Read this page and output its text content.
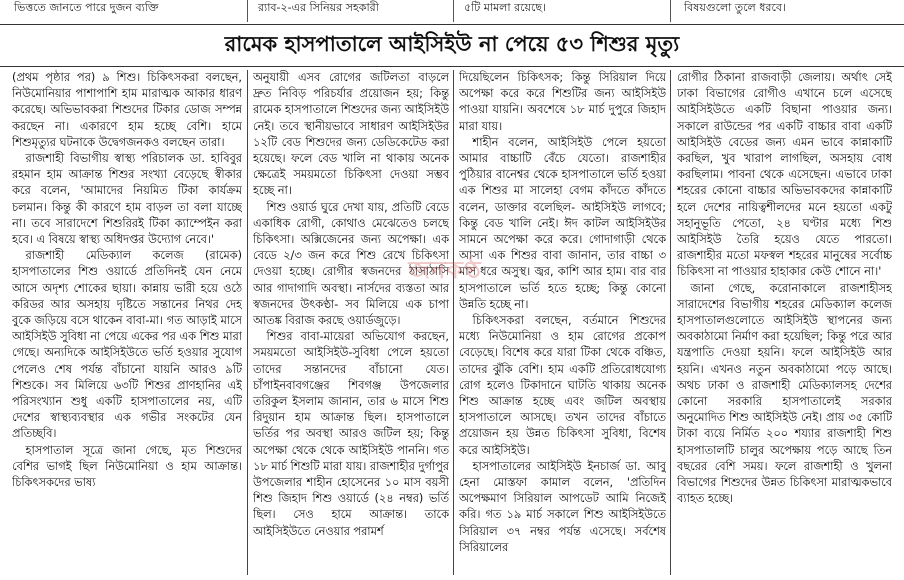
ভিত্ততে জানতে পারে দুজন ব্যক্তি	র‍্যাব-২-এর সিনিয়র সহকারী	৫টি মামলা রয়েছে।	বিষয়গুলো তুলে ধরবে।
রামেক হাসপাতালে আইসিইউ না পেয়ে ৫৩ শিশুর মৃত্যু

(প্রথম পৃষ্ঠার পর) ৯ শিশু। চিকিৎসকরা বলছেন, নিউমোনিয়ার পাশাপাশি হাম মারাত্মক আকার ধারণ করেছে। অভিভাবকরা শিশুদের টিকার ডোজ সম্পন্ন করছেন না। একারণে হাম হচ্ছে বেশি। হামে শিশুমৃত্যুর ঘটনাকে উদ্বেগজনকও বলছেন তারা।

রাজশাহী বিভাগীয় স্বাস্থ্য পরিচালক ডা. হাবিবুর রহমান হাম আক্রান্ত শিশুর সংখ্যা বেড়েছে স্বীকার করে বলেন, 'আমাদের নিয়মিত টিকা কার্যক্রম চলমান। কিন্তু কী কারণে হাম বাড়ল তা বলা যাচ্ছে না। তবে সারাদেশে শিশুরিরই টিকা ক্যাম্পেইন করা হবে। এ বিষয়ে স্বাস্থ্য অধিদপ্তর উদ্যোগ নেবে।'

রাজশাহী মেডিক্যাল কলেজ (রামেক) হাসপাতালের শিশু ওয়ার্ডে প্রতিদিনই যেন নেমে আসে অদৃশ্য শোকের ছায়া। কান্নায় ভারী হয়ে ওঠে করিডর আর অসহায় দৃষ্টিতে সন্তানের নিথর দেহ বুকে জড়িয়ে বসে থাকেন বাবা-মা। গত আড়াই মাসে আইসিইউ সুবিধা না পেয়ে একের পর এক শিশু মারা গেছে। অন্যদিকে আইসিইউতে ভর্তি হওয়ার সুযোগ পেলেও শেষ পর্যন্ত বাঁচানো যায়নি আরও ৯টি শিশুকে। সব মিলিয়ে ৬৩টি শিশুর প্রাণহানির এই পরিসংখ্যান শুধু একটি হাসপাতালের নয়, এটি দেশের স্বাস্থ্যব্যবস্থার এক গভীর সংকটের যেন প্রতিচ্ছবি।

হাসপাতাল সূত্রে জানা গেছে, মৃত শিশুদের বেশির ভাগই ছিল নিউমোনিয়া ও হাম আক্রান্ত। চিকিৎসকদের ভাষ্য

অনুযায়ী এসব রোগের জটিলতা বাড়লে দ্রুত নিবিড় পরিচর্যার প্রয়োজন হয়; কিন্তু রামেক হাসপাতালে শিশুদের জন্য আইসিইউ নেই। তবে স্থানীয়ভাবে সাধারণ আইসিইউর ১২টি বেড শিশুদের জন্য ডেডিকেটেড করা হয়েছে। ফলে বেড খালি না থাকায় অনেক ক্ষেত্রেই সময়মতো চিকিৎসা দেওয়া সম্ভব হচ্ছে না।

শিশু ওয়ার্ড ঘুরে দেখা যায়, প্রতিটি বেডে একাধিক রোগী, কোথাও মেঝেতেও চলছে চিকিৎসা। অক্সিজেনের জন্য অপেক্ষা। এক বেডে ২/৩ জন করে শিশু রেখে চিকিৎসা দেওয়া হচ্ছে। রোগীর স্বজনদের ঠাসাঠাসি আর গাদাগাদি অবস্থা। নার্সদের ব্যস্ততা আর স্বজনদের উৎকণ্ঠা- সব মিলিয়ে এক চাপা আতঙ্ক বিরাজ করছে ওয়ার্ডজুড়ে।

শিশুর বাবা-মায়েরা অভিযোগ করছেন, সময়মতো আইসিইউ-সুবিধা পেলে হয়তো তাদের সন্তানদের বাঁচানো যেত। চাঁপাইনবাবগঞ্জের শিবগঞ্জ উপজেলার তরিকুল ইসলাম জানান, তার ৬ মাসে শিশু রিদুয়ান হাম আক্রান্ত ছিল। হাসপাতালে ভর্তির পর অবস্থা আরও জটিল হয়; কিন্তু অপেক্ষা থেকে থেকে আইসিইউ পাননি। গত ১৮ মার্চ শিশুটি মারা যায়। রাজশাহীর দুর্গাপুর উপজেলার শাহীন হোসেনের ১০ মাস বয়সী শিশু জিহাদ শিশু ওয়ার্ডে (২৪ নম্বর) ভর্তি ছিল। সেও হামে আক্রান্ত। তাকে আইসিইউতে নেওয়ার পরামর্শ

দিয়েছিলেন চিকিৎসক; কিন্তু সিরিয়াল দিয়ে অপেক্ষা করে করে শিশুটির জন্য আইসিইউ পাওয়া যায়নি। অবশেষে ১৮ মার্চ দুপুরে জিহাদ মারা যায়।

শাহীন বলেন, আইসিইউ পেলে হয়তো আমার বাচ্চাটি বেঁচে যেতো। রাজশাহীর পুঠিয়ার বানেশ্বর থেকে হাসপাতালে ভর্তি হওয়া এক শিশুর মা সালেহা বেগম কাঁদতে কাঁদতে বলেন, ডাক্তার বলেছিল- আইসিইউ লাগবে; কিন্তু বেড খালি নেই। ঈদ কাটল আইসিইউর সামনে অপেক্ষা করে করে। গোদাগাড়ী থেকে আসা এক শিশুর বাবা জানান, তার বাচ্চা ৩ মাস ধরে অসুস্থ। জ্বর, কাশি আর হাম। বার বার হাসপাতালে ভর্তি হতে হচ্ছে; কিন্তু কোনো উন্নতি হচ্ছে না।

চিকিৎসকরা বলছেন, বর্তমানে শিশুদের মধ্যে নিউমোনিয়া ও হাম রোগের প্রকোপ বেড়েছে। বিশেষ করে যারা টিকা থেকে বঞ্চিত, তাদের ঝুঁকি বেশি। হাম একটি প্রতিরোধযোগ্য রোগ হলেও টিকাদানে ঘাটতি থাকায় অনেক শিশু আক্রান্ত হচ্ছে এবং জটিল অবস্থায় হাসপাতালে আসছে। তখন তাদের বাঁচাতে প্রয়োজন হয় উন্নত চিকিৎসা সুবিধা, বিশেষ করে আইসিইউ।

হাসপাতালের আইসিইউ ইনচার্জ ডা. আবু হেনা মোস্তফা কামাল বলেন, 'প্রতিদিন অপেক্ষমাণ সিরিয়াল আপডেট আমি নিজেই করি। গত ১৯ মার্চ সকালে শিশু আইসিইউতে সিরিয়াল ৩৭ নম্বর পর্যন্ত এসেছে। সর্বশেষ সিরিয়ালের

রোগীর ঠিকানা রাজবাড়ী জেলায়। অর্থাৎ সেই ঢাকা বিভাগের রোগীও এখানে চলে এসেছে আইসিইউতে একটি বিছানা পাওয়ার জন্য। সকালে রাউন্ডের পর একটি বাচ্চার বাবা একটি আইসিইউ বেডের জন্য এমন ভাবে কান্নাকাটি করছিল, খুব খারাপ লাগছিল, অসহায় বোধ করছিলাম। পাবনা থেকে এসেছেন। এভাবে ঢাকা শহরের কোনো বাচ্চার অভিভাবকদের কান্নাকাটি হলে দেশের নায়িত্বশীলদের মনে হয়তো একটু সহানুভূতি পেতো, ২৪ ঘণ্টার মধ্যে শিশু আইসিইউ তৈরি হয়েও যেতে পারতো। রাজশাহীর মতো মফস্বল শহরের মানুষের সর্বোচ্চ চিকিৎসা না পাওয়ার হাহাকার কেউ শোনে না।'

জানা গেছে, করোনাকালে রাজশাহীসহ সারাদেশের বিভাগীয় শহরের মেডিক্যাল কলেজ হাসপাতালগুলোতে আইসিইউ স্থাপনের জন্য অবকাঠামো নির্মাণ করা হয়েছিল; কিন্তু পরে আর যন্ত্রপাতি দেওয়া হয়নি। ফলে আইসিইউ আর হয়নি। এখনও নতুন অবকাঠামো পড়ে আছে। অথচ ঢাকা ও রাজশাহী মেডিক্যালসহ দেশের কোনো সরকারি হাসপাতালেই সরকার অনুমোদিত শিশু আইসিইউ নেই। প্রায় ৩৫ কোটি টাকা ব্যয়ে নির্মিত ২০০ শয্যার রাজশাহী শিশু হাসপাতালটি চালুর অপেক্ষায় পড়ে আছে তিন বছরের বেশি সময়। ফলে রাজশাহী ও খুলনা বিভাগের শিশুদের উন্নত চিকিৎসা মারাত্মকভাবে ব্যাহত হচ্ছে।

জনকণ্ঠ
